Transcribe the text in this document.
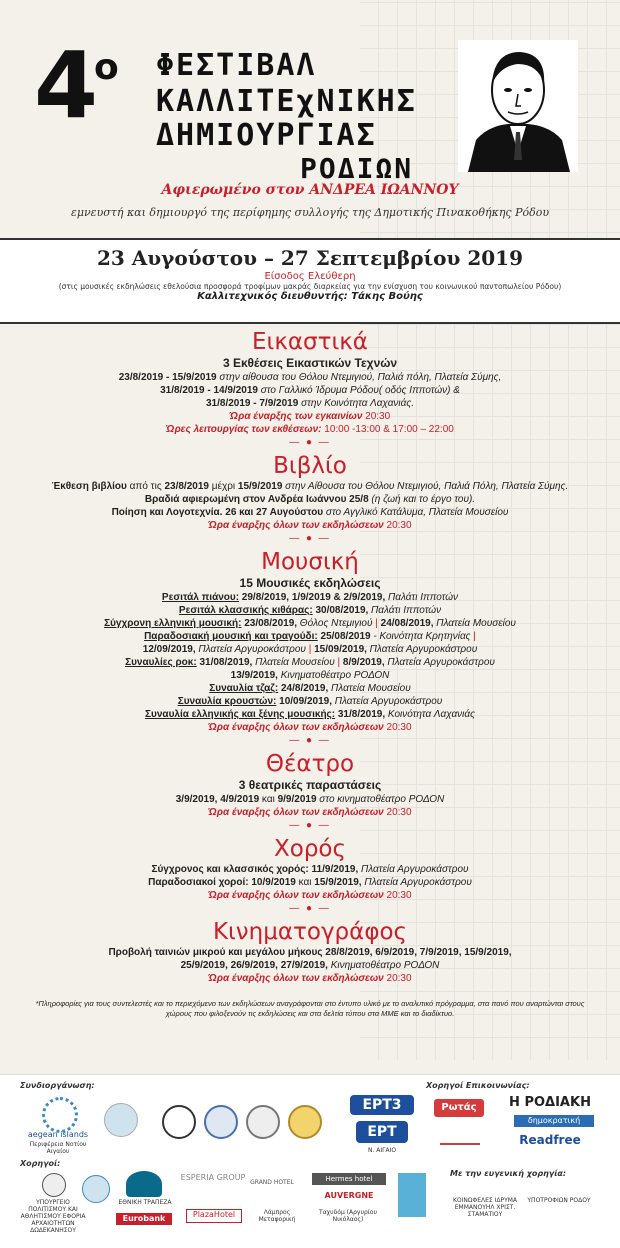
$4^o$ ΦΕΣΤΙΒΑΛ
ΚΑΛΛΙΤΕχΝΙΚΗΣ
ΔΗΜΙΟΥΡΓΙΑΣ
ΡΟΔΙΩΝ
Αφιερωμένο στον ΑΝΔΡΕΑ ΙΩΑΝΝΟΥ
εμνευστή και δημιουργό της περίφημης συλλογής της Δημοτικής Πινακοθήκης Ρόδου
23 Αυγούστου – 27 Σεπτεμβρίου 2019
Είσοδος Ελεύθερη
(στις μουσικές εκδηλώσεις εθελούσια προσφορά τροφίμων μακράς διαρκείας για την ενίσχυση του κοινωνικού παντοπωλείου Ρόδου)
Καλλιτεχνικός διευθυντής: Τάκης Βούης
Εικαστικά
3 Εκθέσεις Εικαστικών Τεχνών
23/8/2019 - 15/9/2019 στην αίθουσα του Θόλου Ντεμιγιού, Παλιά πόλη, Πλατεία Σύμης,
31/8/2019 - 14/9/2019 στο Γαλλικό Ίδρυμα Ρόδου( οδός Ιπποτών) &
31/8/2019 - 7/9/2019 στην Κοινότητα Λαχανιάς.
Ώρα έναρξης των εγκαινίων 20:30
Ώρες λειτουργίας των εκθέσεων: 10:00 -13:00 & 17:00 – 22:00
— ● —
Βιβλίο
Έκθεση βιβλίου από τις 23/8/2019 μέχρι 15/9/2019 στην Αίθουσα του Θόλου Ντεμιγιού, Παλιά Πόλη, Πλατεία Σύμης.
Βραδιά αφιερωμένη στον Ανδρέα Ιωάννου 25/8 (η ζωή και το έργο του).
Ποίηση και Λογοτεχνία. 26 και 27 Αυγούστου στο Αγγλικό Κατάλυμα, Πλατεία Μουσείου
Ώρα έναρξης όλων των εκδηλώσεων 20:30
— ● —
Μουσική
15 Μουσικές εκδηλώσεις
Ρεσιτάλ πιάνου: 29/8/2019, 1/9/2019 & 2/9/2019, Παλάτι Ιπποτών
Ρεσιτάλ κλασσικής κιθάρας: 30/08/2019, Παλάτι Ιπποτών
Σύγχρονη ελληνική μουσική: 23/08/2019, Θόλος Ντεμιγιού | 24/08/2019, Πλατεία Μουσείου
Παραδοσιακή μουσική και τραγούδι: 25/08/2019 - Κοινότητα Κρητηνίας |
12/09/2019, Πλατεία Αργυροκάστρου | 15/09/2019, Πλατεία Αργυροκάστρου
Συναυλίες ροκ: 31/08/2019, Πλατεία Μουσείου | 8/9/2019, Πλατεία Αργυροκάστρου
13/9/2019, Κινηματοθέατρο ΡΟΔΟΝ
Συναυλία τζαζ: 24/8/2019, Πλατεία Μουσείου
Συναυλία κρουστών: 10/09/2019, Πλατεία Αργυροκάστρου
Συναυλία ελληνικής και ξένης μουσικής: 31/8/2019, Κοινότητα Λαχανιάς
Ώρα έναρξης όλων των εκδηλώσεων 20:30
— ● —
Θέατρο
3 θεατρικές παραστάσεις
3/9/2019, 4/9/2019 και 9/9/2019 στο κινηματοθέατρο ΡΟΔΟΝ
Ώρα έναρξης όλων των εκδηλώσεων 20:30
— ● —
Χορός
Σύγχρονος και κλασσικός χορός: 11/9/2019, Πλατεία Αργυροκάστρου
Παραδοσιακοί χοροί: 10/9/2019 και 15/9/2019, Πλατεία Αργυροκάστρου
Ώρα έναρξης όλων των εκδηλώσεων 20:30
— ● —
Κινηματογράφος
Προβολή ταινιών μικρού και μεγάλου μήκους 28/8/2019, 6/9/2019, 7/9/2019, 15/9/2019,
25/9/2019, 26/9/2019, 27/9/2019, Κινηματοθέατρο ΡΟΔΟΝ
Ώρα έναρξης όλων των εκδηλώσεων 20:30
*Πληροφορίες για τους συντελεστές και το περιεχόμενο των εκδηλώσεων αναγράφονται στο έντυπο υλικό με το αναλυτικό πρόγραμμα, στα πανό που αναρτώνται στους χώρους που φιλοξενούν τις εκδηλώσεις και στα δελτία τύπου στα ΜΜΕ και το διαδίκτυο.
Συνδιοργάνωση:	Χορηγοί Επικοινωνίας:
Χορηγοί:
Με την ευγενική χορηγία:
aegean islands
Περιφέρεια Νοτίου Αιγαίου
ΕΡΤ3
ΕΡΤ
Ν. ΑΙΓΑΙΟ
Ρωτάς	Η ΡΟΔΙΑΚΗ
δημοκρατική
Readfree
ΥΠΟΥΡΓΕΙΟ ΠΟΛΙΤΙΣΜΟΥ ΚΑΙ ΑΘΛΗΤΙΣΜΟΥ ΕΦΟΡΙΑ ΑΡΧΑΙΟΤΗΤΩΝ ΔΩΔΕΚΑΝΗΣΟΥ
ΕΘΝΙΚΗ ΤΡΑΠΕΖΑ
Eurobank
ESPERIA GROUP
GRAND HOTEL
PlazaHotel	Λάμπρος Μεταφορική
Hermes hotel
AUVERGNE
Ταχυδόμ (Αργυρίου Νικόλαος)
ΚΟΙΝΩΦΕΛΕΣ ΙΔΡΥΜΑ ΕΜΜΑΝΟΥΗΛ ΧΡΙΣΤ. ΣΤΑΜΑΤΙΟΥ
ΥΠΟΤΡΟΦΙΩΝ ΡΟΔΟΥ
